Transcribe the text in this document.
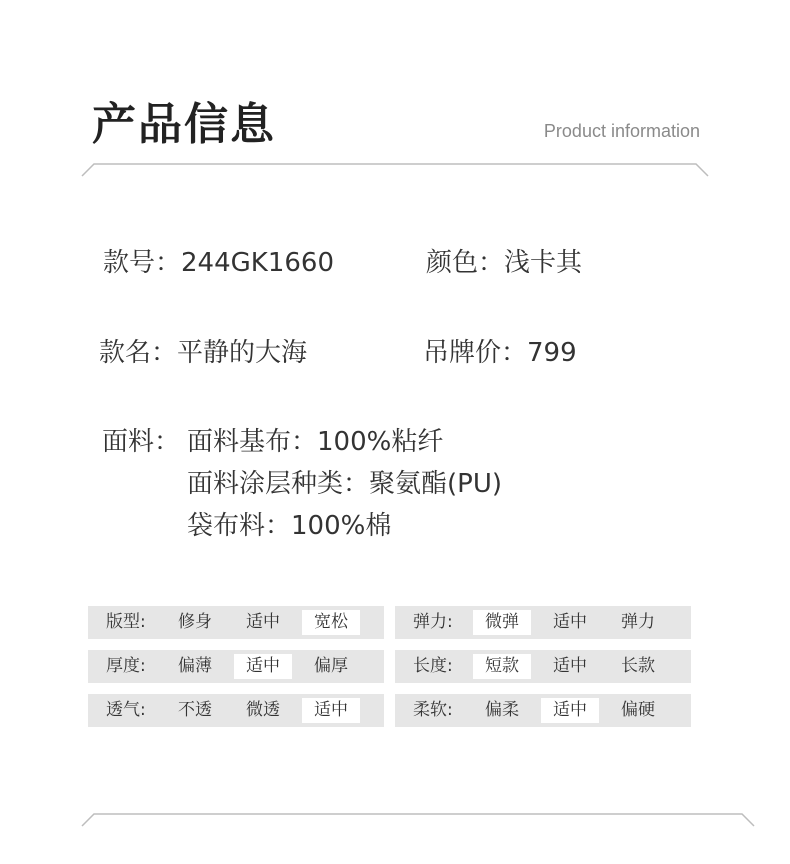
产品信息	Product information
款号：244GK1660	颜色：浅卡其
款名：平静的大海	吊牌价：799
面料： 面料基布：100%粘纤
面料涂层种类：聚氨酯(PU)
袋布料：100%棉
版型:	修身	适中	宽松
厚度:	偏薄	适中	偏厚
透气:	不透	微透	适中
弹力:	微弹	适中	弹力
长度:	短款	适中	长款
柔软:	偏柔	适中	偏硬
